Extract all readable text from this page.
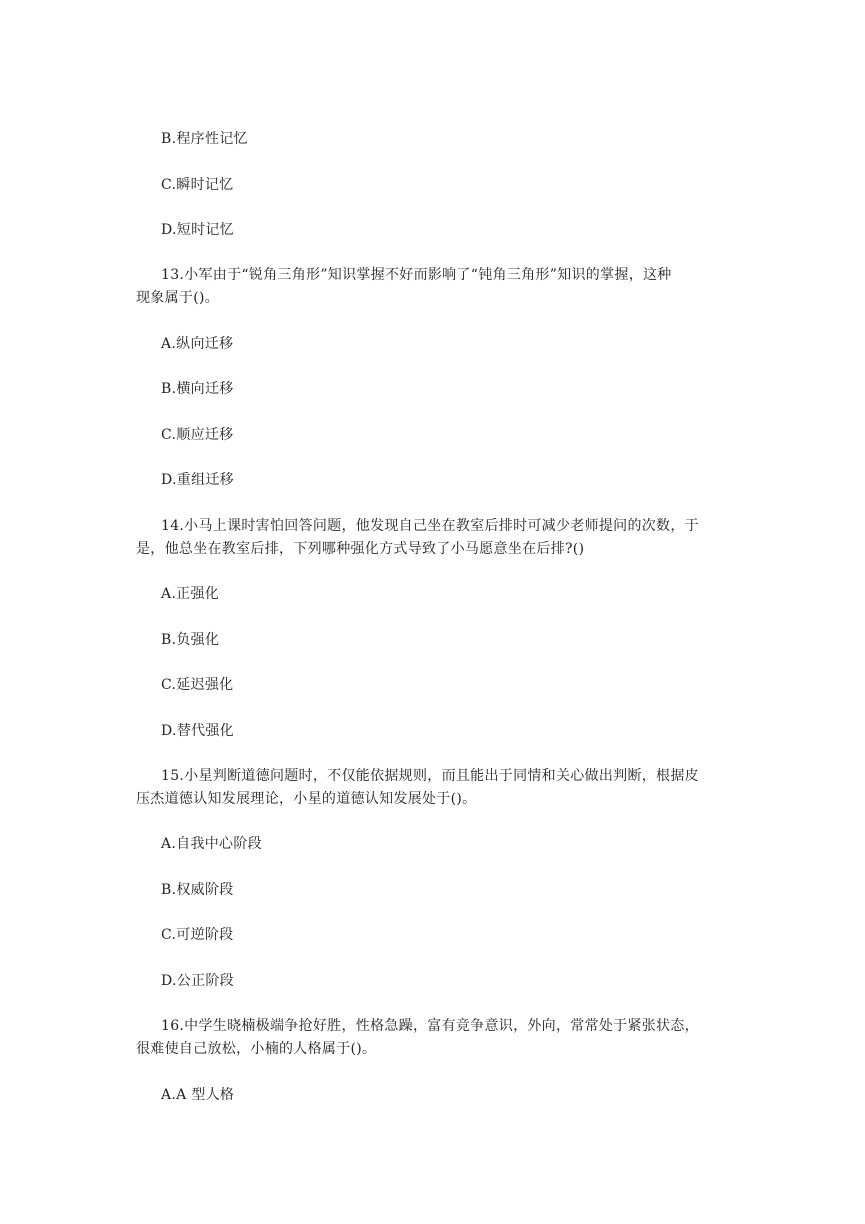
B.程序性记忆
C.瞬时记忆
D.短时记忆
13.小军由于“锐角三角形”知识掌握不好而影响了“钝角三角形”知识的掌握，这种
现象属于()。
A.纵向迁移
B.横向迁移
C.顺应迁移
D.重组迁移
14.小马上课时害怕回答问题，他发现自己坐在教室后排时可减少老师提问的次数，于
是，他总坐在教室后排，下列哪种强化方式导致了小马愿意坐在后排?()
A.正强化
B.负强化
C.延迟强化
D.替代强化
15.小星判断道德问题时，不仅能依据规则，而且能出于同情和关心做出判断，根据皮
压杰道德认知发展理论，小星的道德认知发展处于()。
A.自我中心阶段
B.权威阶段
C.可逆阶段
D.公正阶段
16.中学生晓楠极端争抢好胜，性格急躁，富有竞争意识，外向，常常处于紧张状态，
很难使自己放松，小楠的人格属于()。
A.A 型人格
